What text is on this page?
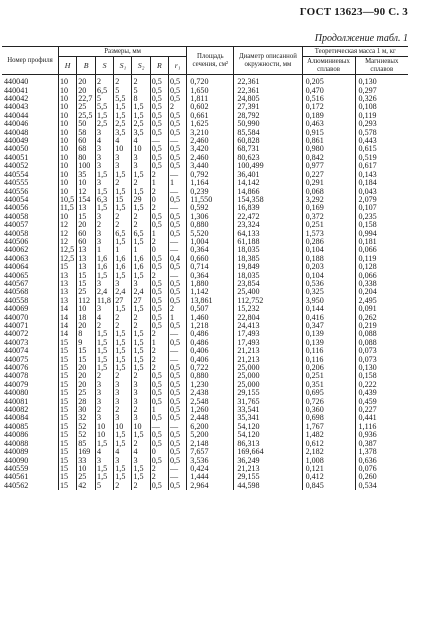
ГОСТ 13623—90 С. 3
Продолжение табл. 1
Номер профиля	Размеры, мм							Площадь сечения, см²	Диаметр описанной окружности, мм	Теоретическая масса 1 м, кг	
	H	B	S	S₁	S₂	R	r₁			Алюминиевых сплавов	Магниевых сплавов
440040	10	20	2	2	2	0,5	0,5	0,720	22,361	0,205	0,130
440041	10	20	6,5	5	5	0,5	0,5	1,650	22,361	0,470	0,297
440042	10	22,7	5	5,5	8	0,5	0,5	1,811	24,805	0,516	0,326
440043	10	25	5,5	1,5	1,5	0,5	2	0,602	27,391	0,172	0,108
440044	10	25,5	1,5	1,5	1,5	0,5	0,5	0,661	28,792	0,189	0,119
440046	10	50	2,5	2,5	2,5	0,5	0,5	1,625	50,990	0,463	0,293
440048	10	58	3	3,5	3,5	0,5	0,5	3,210	85,584	0,915	0,578
440049	10	60	4	4	4	—	—	2,460	60,828	0,861	0,443
440050	10	68	3	10	10	0,5	0,5	3,420	68,731	0,980	0,615
440051	10	80	3	3	3	0,5	0,5	2,460	80,623	0,842	0,519
440052	10	100	3	3	3	0,5	0,5	3,440	100,499	0,977	0,617
440554	10	35	1,5	1,5	1,5	2	—	0,792	36,401	0,227	0,143
440555	10	10	3	2	2	1	1	1,164	14,142	0,291	0,184
440556	10	12	1,5	1,5	1,5	2	—	0,239	14,866	0,068	0,043
440054	10,5	154	6,3	15	29	0	0,5	11,550	154,358	3,292	2,079
440056	11,5	13	1,5	1,5	1,5	2	—	0,592	16,839	0,169	0,107
440058	10	15	3	2	2	0,5	0,5	1,306	22,472	0,372	0,235
440057	12	20	2	2	2	0,5	0,5	0,880	23,324	0,251	0,158
440058	12	60	3	6,5	6,5	1	0,5	5,520	64,133	1,573	0,994
440506	12	60	3	1,5	1,5	2	—	1,004	61,188	0,286	0,181
440062	12,5	13	1	1	1	0	—	0,364	18,035	0,104	0,066
440063	12,5	13	1,6	1,6	1,6	0,5	0,4	0,660	18,385	0,188	0,119
440064	15	13	1,6	1,6	1,6	0,5	0,5	0,714	19,849	0,203	0,128
440065	13	15	1,5	1,5	1,5	2	—	0,364	18,035	0,104	0,066
440567	13	15	3	3	3	0,5	0,5	1,880	23,854	0,536	0,338
440568	13	25	2,4	2,4	2,4	0,5	0,5	1,142	25,400	0,325	0,204
440558	13	112	11,8	27	27	0,5	0,5	13,861	112,752	3,950	2,495
440069	14	10	3	1,5	1,5	0,5	2	0,507	15,232	0,144	0,091
440070	14	18	4	2	2	0,5	1	1,460	22,804	0,416	0,262
440071	14	20	2	2	2	0,5	0,5	1,218	24,413	0,347	0,219
440072	14	8	1,5	1,5	1,5	2	—	0,486	17,493	0,139	0,088
440073	15	9	1,5	1,5	1,5	1	0,5	0,486	17,493	0,139	0,088
440074	15	15	1,5	1,5	1,5	2	—	0,406	21,213	0,116	0,073
440075	15	15	1,5	1,5	1,5	2	—	0,406	21,213	0,116	0,073
440076	15	20	1,5	1,5	1,5	2	0,5	0,722	25,000	0,206	0,130
440078	15	20	2	2	2	0,5	0,5	0,880	25,000	0,251	0,158
440079	15	20	3	3	3	0,5	0,5	1,230	25,000	0,351	0,222
440080	15	25	3	3	3	0,5	0,5	2,438	29,155	0,695	0,439
440081	15	28	3	3	3	0,5	0,5	2,548	31,765	0,726	0,459
440082	15	30	2	2	2	1	0,5	1,260	33,541	0,360	0,227
440084	15	32	3	3	3	0,5	0,5	2,448	35,341	0,698	0,441
440085	15	52	10	10	10	—	—	6,200	54,120	1,767	1,116
440086	15	52	10	1,5	1,5	0,5	0,5	5,200	54,120	1,482	0,936
440088	15	85	1,5	1,5	2	0,5	0,5	2,148	86,313	0,612	0,387
440089	15	169	4	4	4	0	0,5	7,657	169,664	2,182	1,378
440090	15	33	3	3	3	0,5	0,5	3,536	36,249	1,008	0,636
440559	15	10	1,5	1,5	1,5	2	—	0,424	21,213	0,121	0,076
440561	15	25	1,5	1,5	1,5	2	—	1,444	29,155	0,412	0,260
440562	15	42	5	2	2	0,5	0,5	2,964	44,598	0,845	0,534
